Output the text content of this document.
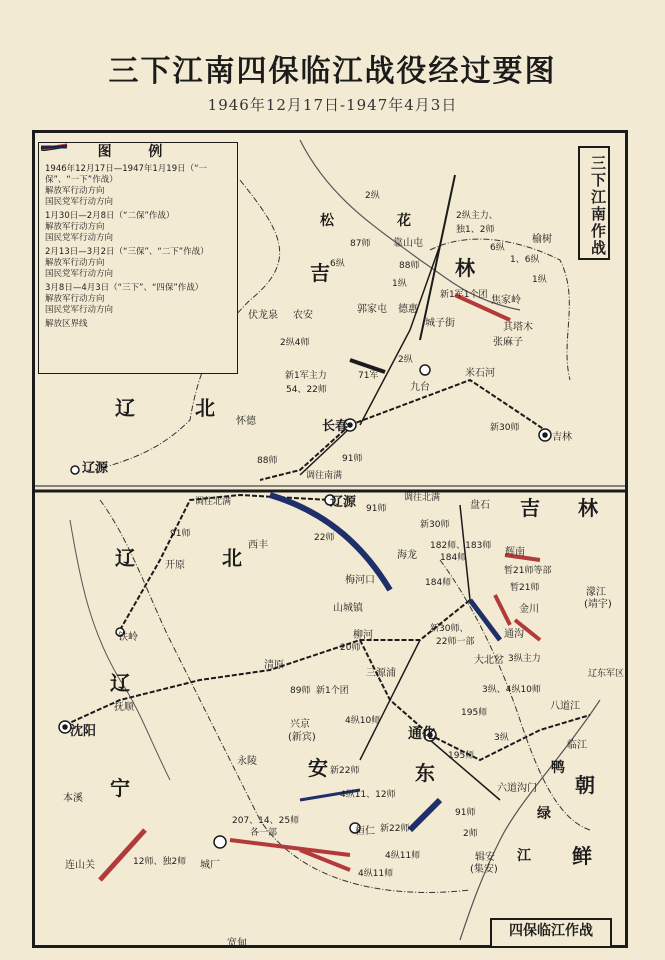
三下江南四保临江战役经过要图
1946年12月17日-1947年4月3日
辽	北
吉	林
松	花
吉 林
辽	北
辽
宁
安	东	朝
鲜
鸭
绿
江
榆树
伏龙泉 农安
怀德	长春
九台
吉林
辽源
德惠
张麻子
其塔木
焦家岭
靠山屯
郭家屯
城子街
米石河
辽源
开原
西丰
铁岭
抚顺
沈阳
清原
本溪
连山关
永陵
兴京
(新宾)
桓仁
通化
辉南
梅河口
山城镇
柳河
三源浦
大北岔
通沟
金川
濛江
(靖宇)
八道江
临江
六道沟门
辑安
(集安)
宽甸
城厂
盘石
海龙
2纵
2纵主力、
独1、2师
6纵
1、6纵
1纵
87师
6纵	88师
1纵
新1军1个团
2纵4师
新1军主力
54、22师
71军
2纵
新30师
88师	91师
调往南满
调往北满	调往北满
91师
91师
22师
新30师
182师、183师
184师
暂21师等部
暂21师
184师
新30师、
22师一部
20师
3纵主力
3纵、4纵10师
4纵10师
195师
195师
89师 新1个团
新22师
4纵11、12师
207、14、25师
各一部	新22师
4纵11师
4纵11师
12师、独2师
2师
3纵
91师
辽东军区
三下江南作战
四保临江作战
图 例
1946年12月17日—1947年1月19日（“一保”、“一下”作战）
解放军行动方向
国民党军行动方向
1月30日—2月8日（“二保”作战）
解放军行动方向
国民党军行动方向
2月13日—3月2日（“三保”、“二下”作战）
解放军行动方向
国民党军行动方向
3月8日—4月3日（“三下”、“四保”作战）
解放军行动方向
国民党军行动方向
解放区界线
